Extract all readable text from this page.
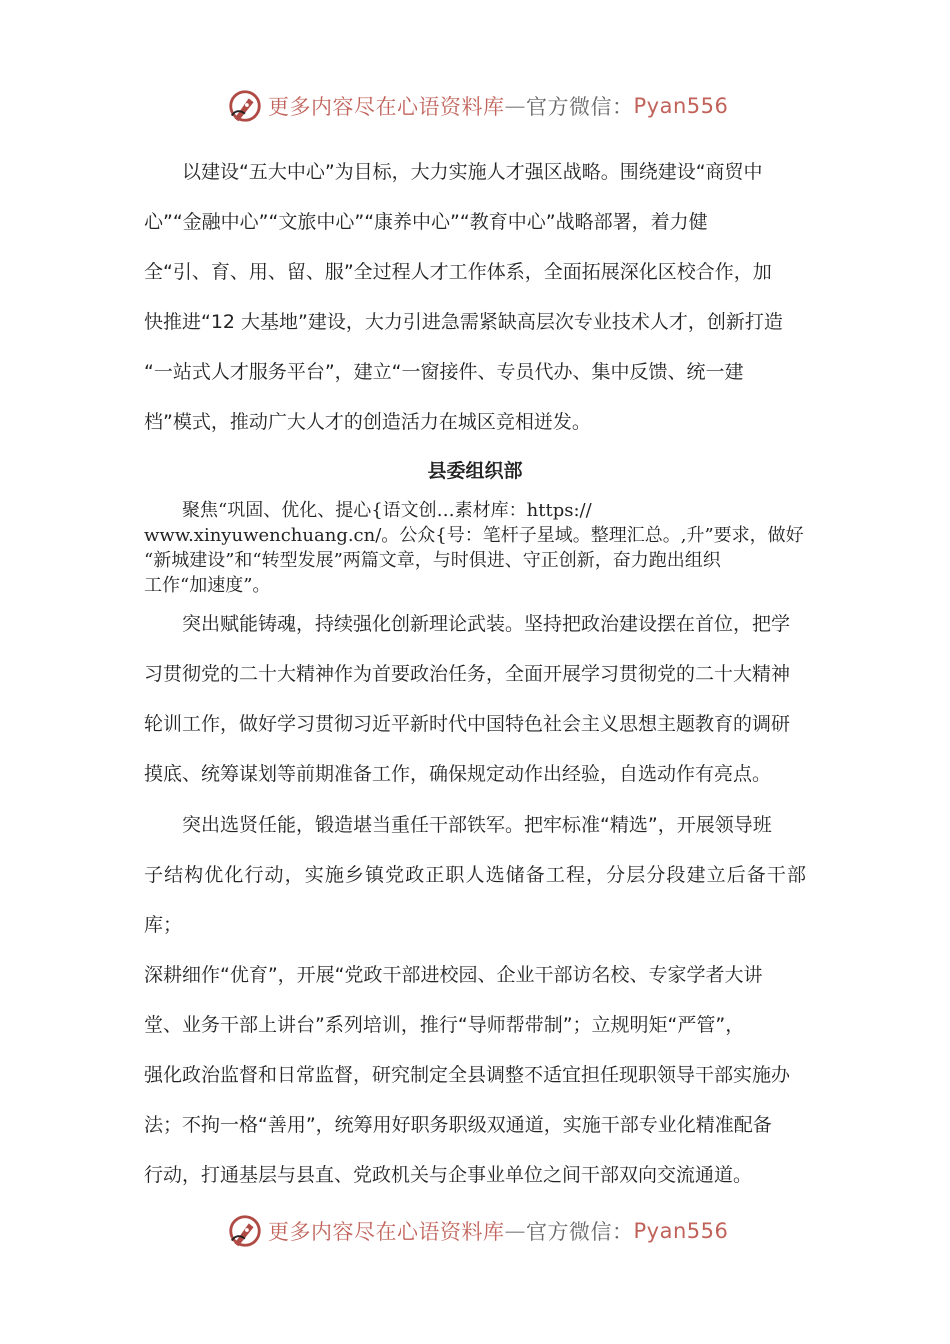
更多内容尽在心语资料库 — 官方微信： Pyan556

以建设“五大中心”为目标，大力实施人才强区战略。围绕建设“商贸中
心”“金融中心”“文旅中心”“康养中心”“教育中心”战略部署，着力健
全“引、育、用、留、服”全过程人才工作体系，全面拓展深化区校合作，加
快推进“12 大基地”建设，大力引进急需紧缺高层次专业技术人才，创新打造
“一站式人才服务平台”，建立“一窗接件、专员代办、集中反馈、统一建
档”模式，推动广大人才的创造活力在城区竞相迸发。

县委组织部

聚焦“巩固、优化、提心{语文创…素材库：https://
www.xinyuwenchuang.cn/。公众{号：笔杆子星域。整理汇总。,升”要求，做好
“新城建设”和“转型发展”两篇文章，与时俱进、守正创新，奋力跑出组织
工作“加速度”。

突出赋能铸魂，持续强化创新理论武装。坚持把政治建设摆在首位，把学
习贯彻党的二十大精神作为首要政治任务，全面开展学习贯彻党的二十大精神
轮训工作，做好学习贯彻习近平新时代中国特色社会主义思想主题教育的调研
摸底、统筹谋划等前期准备工作，确保规定动作出经验，自选动作有亮点。

突出选贤任能，锻造堪当重任干部铁军。把牢标准“精选”，开展领导班
子结构优化行动，实施乡镇党政正职人选储备工程，分层分段建立后备干部库；
深耕细作“优育”，开展“党政干部进校园、企业干部访名校、专家学者大讲
堂、业务干部上讲台”系列培训，推行“导师帮带制”；立规明矩“严管”，
强化政治监督和日常监督，研究制定全县调整不适宜担任现职领导干部实施办
法；不拘一格“善用”，统筹用好职务职级双通道，实施干部专业化精准配备
行动，打通基层与县直、党政机关与企事业单位之间干部双向交流通道。

更多内容尽在心语资料库 — 官方微信： Pyan556
